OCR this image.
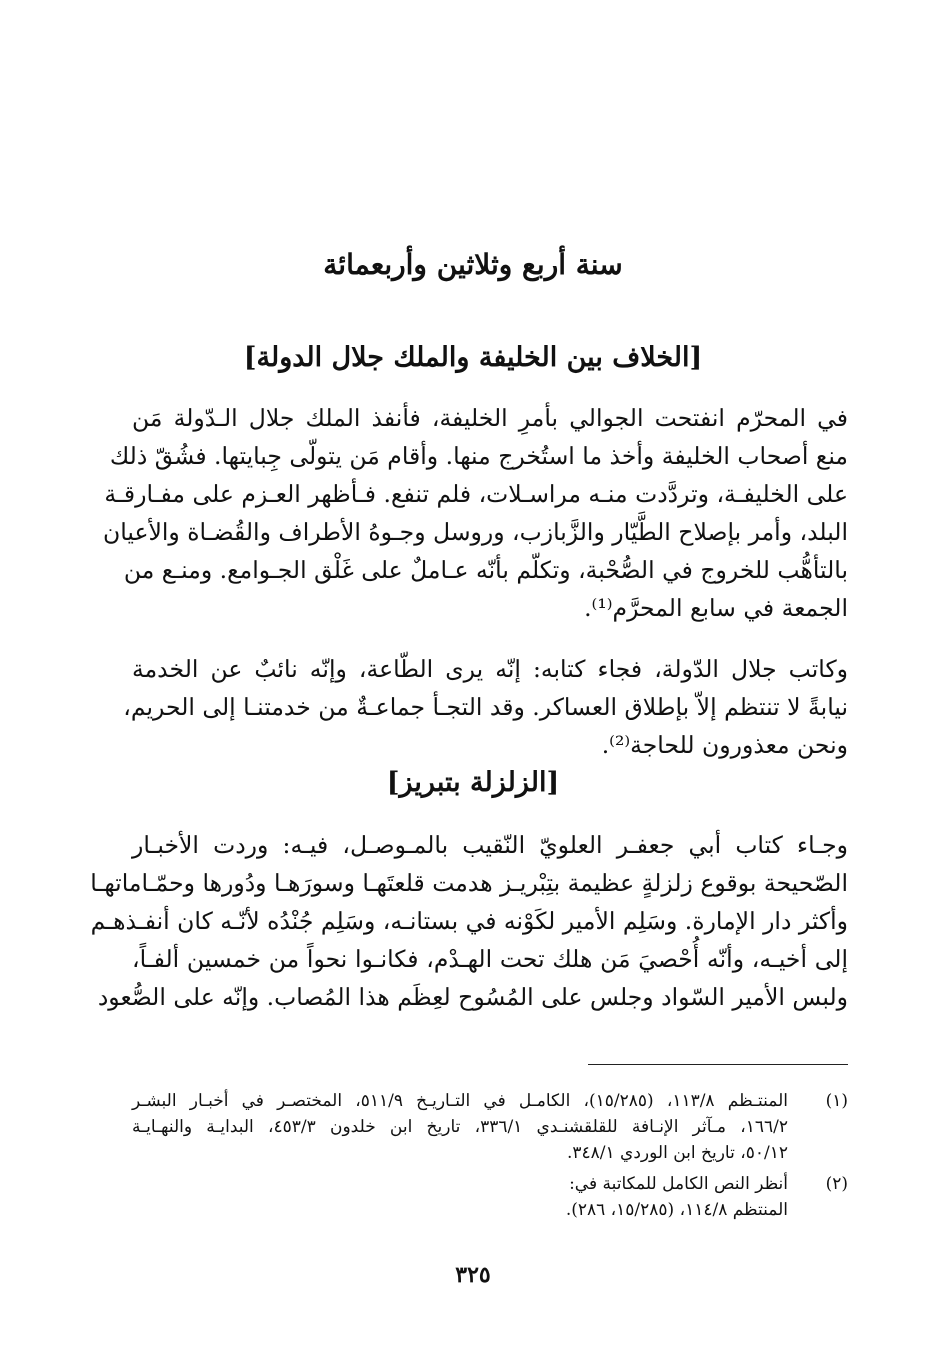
سنة أربع وثلاثين وأربعمائة
[الخلاف بين الخليفة والملك جلال الدولة]

في المحرّم انفتحت الجوالي بأمرِ الخليفة، فأنفذ الملك جلال الـدّولة مَن
منع أصحاب الخليفة وأخذ ما استُخرج منها. وأقام مَن يتولّى جِبايتها. فشُقّ ذلك
على الخليفـة، وتردَّدت منـه مراسـلات، فلم تنفع. فـأظهر العـزم على مفـارقـة
البلد، وأمر بإصلاح الطَّيّار والزَّبازب، وروسل وجـوهُ الأطراف والقُضـاة والأعيان
بالتأهُّب للخروج في الصُّحْبة، وتكلّم بأنّه عـاملٌ على غَلْق الجـوامع. ومنـع من
الجمعة في سابع المحرَّم⁽¹⁾.

وكاتب جلال الدّولة، فجاء كتابه: إنّه يرى الطّاعة، وإنّه نائبٌ عن الخدمة
نيابةً لا تنتظم إلاّ بإطلاق العساكر. وقد التجـأ جماعـةٌ من خدمتنـا إلى الحريم،
ونحن معذورون للحاجة⁽²⁾.

[الزلزلة بتبريز]

وجـاء كتاب أبي جعفـر العلويّ النّقيب بالمـوصـل، فيـه: وردت الأخبـار
الصّحيحة بوقوع زلزلةٍ عظيمة بتِبْريـز هدمت قلعتَهـا وسورَهـا ودُورها وحمّـاماتهـا
وأكثر دار الإمارة. وسَلِم الأمير لكَوْنه في بستانـه، وسَلِم جُنْدُه لأنّـه كان أنفـذهـم
إلى أخيـه، وأنّه أُحْصيَ مَن هلك تحت الهـدْم، فكانـوا نحواً من خمسين ألفـاً،
ولبس الأمير السّواد وجلس على المُسُوح لعِظَم هذا المُصاب. وإنّه على الصُّعود

(١)
المنتـظم ١١٣/٨، (١٥/٢٨٥)، الكامـل في التـاريـخ ٥١١/٩، المختصـر في أخبـار البشـر
١٦٦/٢، مـآثر الإنـافة للقلقشنـدي ٣٣٦/١، تاريخ ابن خلدون ٤٥٣/٣، البدايـة والنهـايـة
٥٠/١٢، تاريخ ابن الوردي ٣٤٨/١.
(٢)
أنظر النص الكامل للمكاتبة في:
المنتظم ١١٤/٨، (١٥/٢٨٥، ٢٨٦).
٣٢٥
